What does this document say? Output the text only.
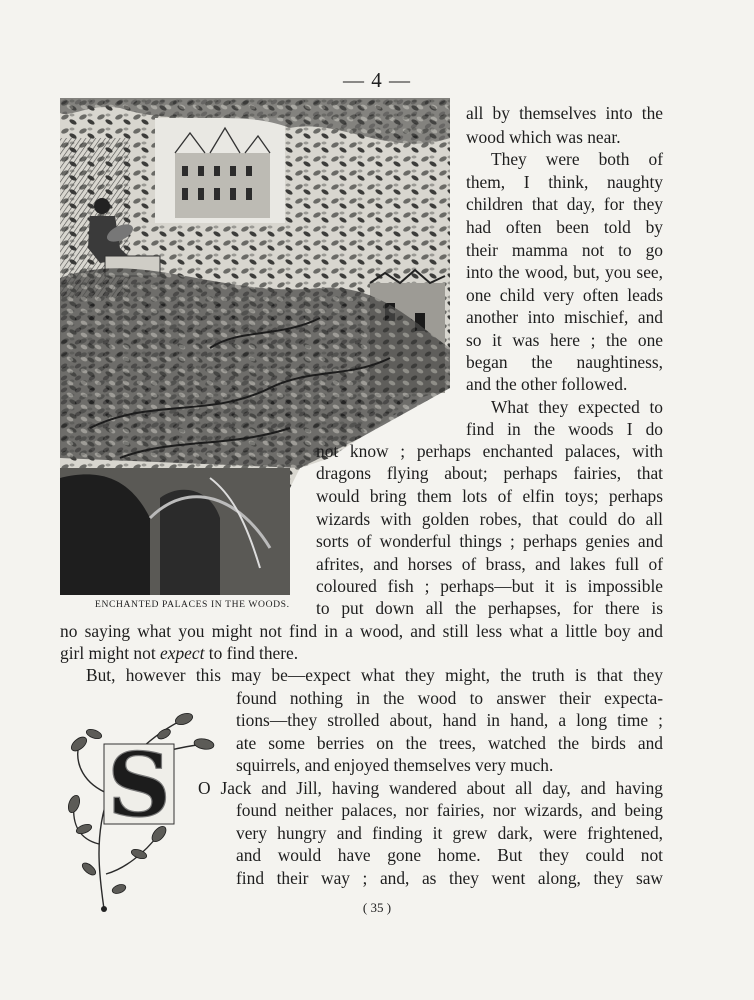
— 4 —
ENCHANTED PALACES IN THE WOODS.
all by themselves into the
wood which was near.
They were both of
them, I think, naughty
children that day, for they
had often been told by
their mamma not to go
into the wood, but, you see,
one child very often leads
another into mischief, and
so it was here ; the one
began the naughtiness,
and the other followed.
What they expected to
find in the woods I do
not know ; perhaps enchanted palaces, with
dragons flying about; perhaps fairies, that
would bring them lots of elfin toys; perhaps
wizards with golden robes, that could do all
sorts of wonderful things ; perhaps genies and
afrites, and horses of brass, and lakes full of
coloured fish ; perhaps—but it is impossible
to put down all the perhapses, for there is
no saying what you might not find in a wood, and still less what a little boy and
girl might not expect to find there.
But, however this may be—expect what they might, the truth is that they
S
found nothing in the wood to answer their expecta-
tions—they strolled about, hand in hand, a long time ;
ate some berries on the trees, watched the birds and
squirrels, and enjoyed themselves very much.
O Jack and Jill, having wandered about all day, and having
found neither palaces, nor fairies, nor wizards, and being
very hungry and finding it grew dark, were frightened,
and would have gone home. But they could not
find their way ; and, as they went along, they saw
( 35 )
